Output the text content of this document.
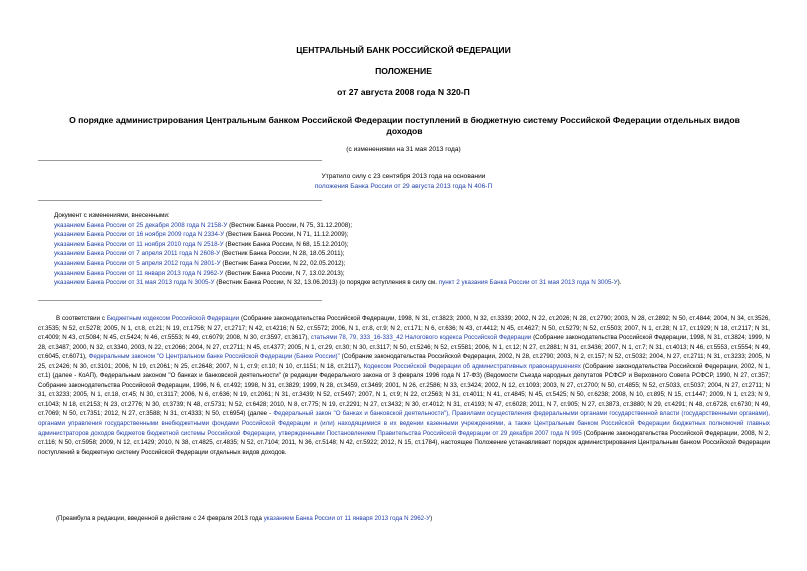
ЦЕНТРАЛЬНЫЙ БАНК РОССИЙСКОЙ ФЕДЕРАЦИИ
ПОЛОЖЕНИЕ
от 27 августа 2008 года N 320-П
О порядке администрирования Центральным банком Российской Федерации поступлений в бюджетную систему Российской Федерации отдельных видов доходов
(с изменениями на 31 мая 2013 года)
Утратило силу с 23 сентября 2013 года на основании
положения Банка России от 29 августа 2013 года N 406-П
Документ с изменениями, внесенными:
указанием Банка России от 25 декабря 2008 года N 2158-У (Вестник Банка России, N 75, 31.12.2008);
указанием Банка России от 16 ноября 2009 года N 2334-У (Вестник Банка России, N 71, 11.12.2009);
указанием Банка России от 11 ноября 2010 года N 2518-У (Вестник Банка России, N 68, 15.12.2010);
указанием Банка России от 7 апреля 2011 года N 2608-У (Вестник Банка России, N 28, 18.05.2011);
указанием Банка России от 5 апреля 2012 года N 2801-У (Вестник Банка России, N 22, 02.05.2012);
указанием Банка России от 11 января 2013 года N 2962-У (Вестник Банка России, N 7, 13.02.2013);
указанием Банка России от 31 мая 2013 года N 3005-У (Вестник Банка России, N 32, 13.06.2013) (о порядке вступления в силу см. пункт 2 указания Банка России от 31 мая 2013 года N 3005-У).
В соответствии с Бюджетным кодексом Российской Федерации (Собрание законодательства Российской Федерации, 1998, N 31, ст.3823; 2000, N 32, ст.3339; 2002, N 22, ст.2026; N 28, ст.2790; 2003, N 28, ст.2892; N 50, ст.4844; 2004, N 34, ст.3526, ст.3535; N 52, ст.5278; 2005, N 1, ст.8, ст.21; N 19, ст.1756; N 27, ст.2717; N 42, ст.4216; N 52, ст.5572; 2006, N 1, ст.8, ст.9; N 2, ст.171; N 6, ст.636; N 43, ст.4412; N 45, ст.4627; N 50, ст.5279; N 52, ст.5503; 2007, N 1, ст.28; N 17, ст.1929; N 18, ст.2117; N 31, ст.4009; N 43, ст.5084; N 45, ст.5424; N 46, ст.5553; N 49, ст.6079; 2008, N 30, ст.3597, ст.3617), статьями 78, 79, 333_16-333_42 Налогового кодекса Российской Федерации (Собрание законодательства Российской Федерации, 1998, N 31, ст.3824; 1999, N 28, ст.3487; 2000, N 32, ст.3340, 2003, N 22, ст.2066; 2004, N 27, ст.2711; N 45, ст.4377; 2005, N 1, ст.29, ст.30; N 30, ст.3117; N 50, ст.5246; N 52, ст.5581; 2006, N 1, ст.12; N 27, ст.2881; N 31, ст.3436; 2007, N 1, ст.7; N 31, ст.4013; N 46, ст.5553, ст.5554; N 49, ст.6045, ст.6071), Федеральным законом "О Центральном банке Российской Федерации (Банке России)" (Собрание законодательства Российской Федерации, 2002, N 28, ст.2790; 2003, N 2, ст.157; N 52, ст.5032; 2004, N 27, ст.2711; N 31, ст.3233; 2005, N 25, ст.2426; N 30, ст.3101; 2006, N 19, ст.2061; N 25, ст.2648; 2007, N 1, ст.9; ст.10; N 10, ст.1151; N 18, ст.2117), Кодексом Российской Федерации об административных правонарушениях (Собрание законодательства Российской Федерации, 2002, N 1, ст.1) (далее - КоАП), Федеральным законом "О банках и банковской деятельности" (в редакции Федерального закона от 3 февраля 1996 года N 17-ФЗ) (Ведомости Съезда народных депутатов РСФСР и Верховного Совета РСФСР, 1990, N 27, ст.357; Собрание законодательства Российской Федерации, 1996, N 6, ст.492; 1998, N 31, ст.3829; 1999, N 28, ст.3459, ст.3469; 2001, N 26, ст.2586; N 33, ст.3424; 2002, N 12, ст.1093; 2003, N 27, ст.2700; N 50, ст.4855; N 52, ст.5033, ст.5037; 2004, N 27, ст.2711; N 31, ст.3233; 2005, N 1, ст.18, ст.45; N 30, ст.3117; 2006, N 6, ст.636; N 19, ст.2061; N 31, ст.3439; N 52, ст.5497; 2007, N 1, ст.9; N 22, ст.2563; N 31, ст.4011; N 41, ст.4845; N 45, ст.5425; N 50, ст.6238; 2008, N 10, ст.895; N 15, ст.1447; 2009, N 1, ст.23; N 9, ст.1043; N 18, ст.2153; N 23, ст.2776; N 30, ст.3739; N 48, ст.5731; N 52, ст.6428; 2010, N 8, ст.775; N 19, ст.2291; N 27, ст.3432; N 30, ст.4012; N 31, ст.4193; N 47, ст.6028; 2011, N 7, ст.905; N 27, ст.3873, ст.3880; N 29, ст.4291; N 48, ст.6728, ст.6730; N 49, ст.7069; N 50, ст.7351; 2012, N 27, ст.3588; N 31, ст.4333; N 50, ст.6954) (далее - Федеральный закон "О банках и банковской деятельности"), Правилами осуществления федеральными органами государственной власти (государственными органами), органами управления государственными внебюджетными фондами Российской Федерации и (или) находящимися в их ведении казенными учреждениями, а также Центральным банком Российской Федерации бюджетных полномочий главных администраторов доходов бюджетов бюджетной системы Российской Федерации, утвержденными Постановлением Правительства Российской Федерации от 29 декабря 2007 года N 995 (Собрание законодательства Российской Федерации, 2008, N 2, ст.116; N 50, ст.5958; 2009, N 12, ст.1429; 2010, N 38, ст.4825, ст.4835; N 52, ст.7104; 2011, N 36, ст.5148; N 42, ст.5922; 2012, N 15, ст.1784), настоящее Положение устанавливает порядок администрирования Центральным банком Российской Федерации поступлений в бюджетную систему Российской Федерации отдельных видов доходов.
(Преамбула в редакции, введенной в действие с 24 февраля 2013 года указанием Банка России от 11 января 2013 года N 2962-У)
